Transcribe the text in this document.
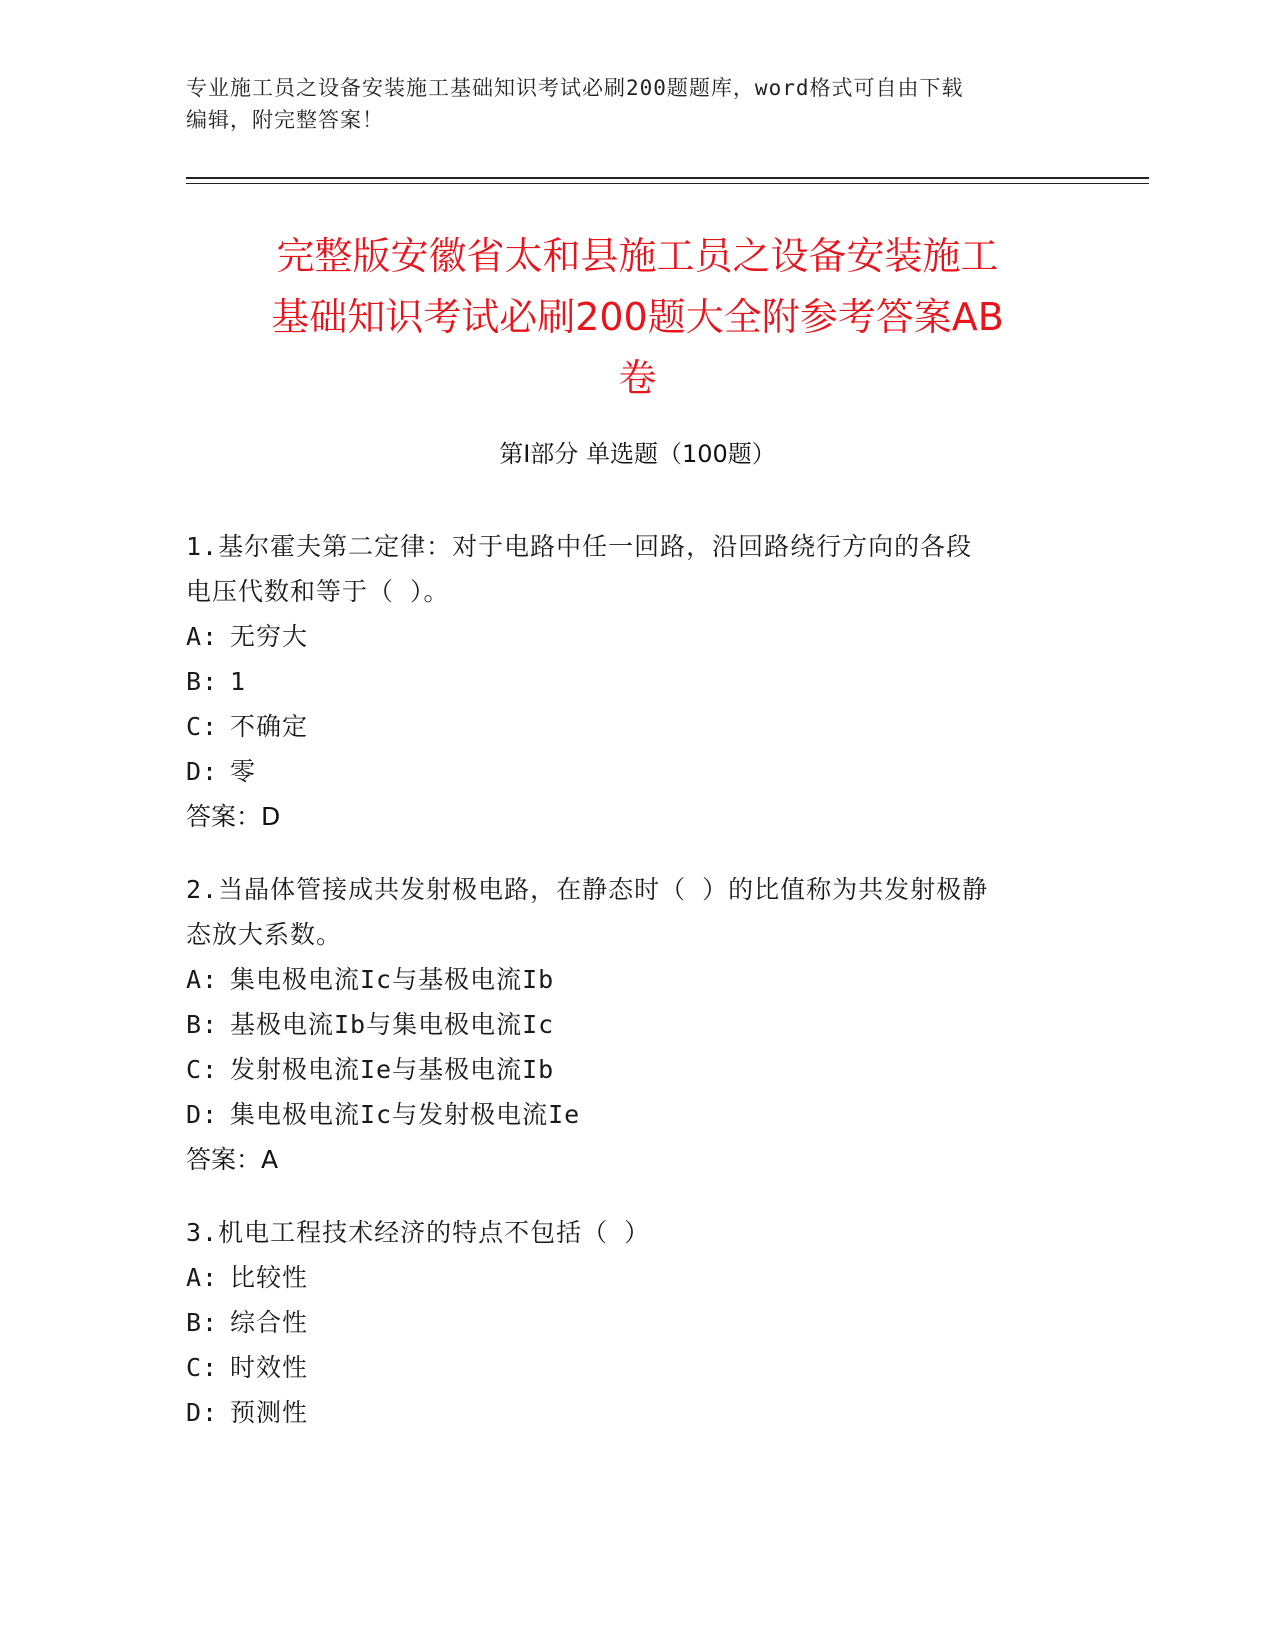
专业施工员之设备安装施工基础知识考试必刷200题题库，word格式可自由下载
编辑，附完整答案！
完整版安徽省太和县施工员之设备安装施工
基础知识考试必刷200题大全附参考答案AB
卷
第Ⅰ部分 单选题（100题）
1.基尔霍夫第二定律：对于电路中任一回路，沿回路绕行方向的各段
电压代数和等于（ ）。
A: 无穷大
B: 1
C: 不确定
D: 零
答案：D
2.当晶体管接成共发射极电路，在静态时（ ）的比值称为共发射极静
态放大系数。
A: 集电极电流Ic与基极电流Ib
B: 基极电流Ib与集电极电流Ic
C: 发射极电流Ie与基极电流Ib
D: 集电极电流Ic与发射极电流Ie
答案：A
3.机电工程技术经济的特点不包括（ ）
A: 比较性
B: 综合性
C: 时效性
D: 预测性
